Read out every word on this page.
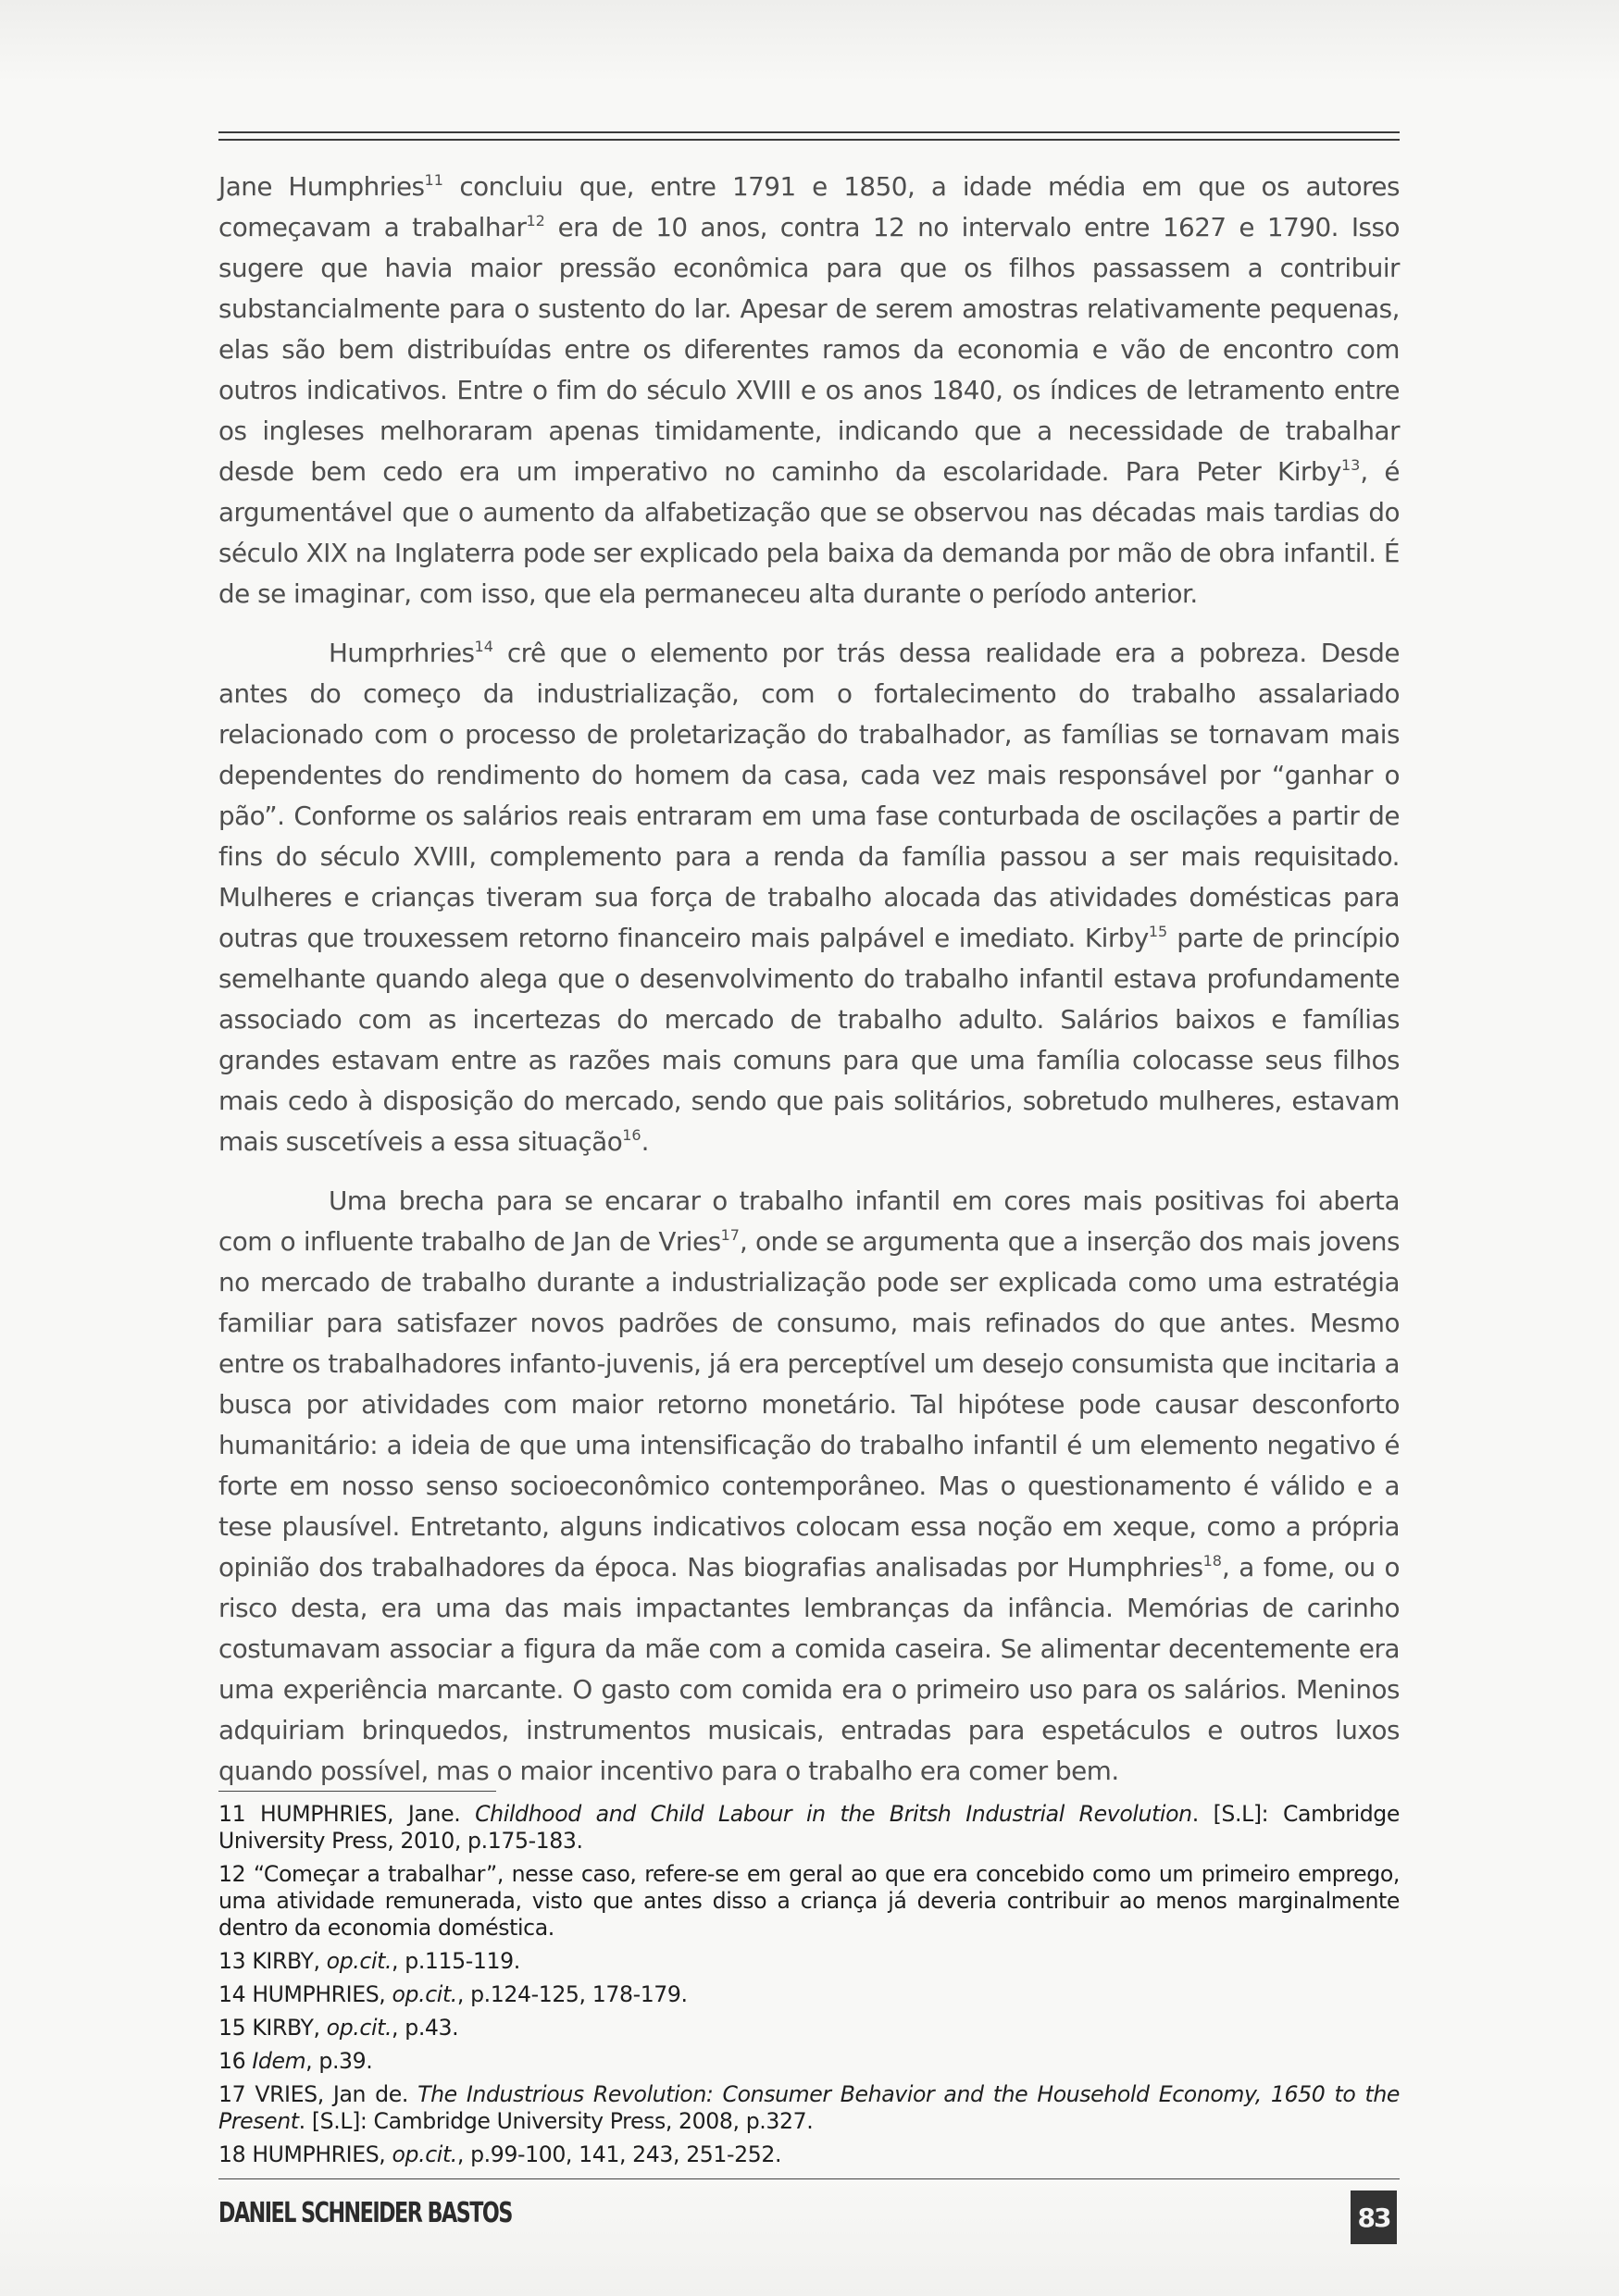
Jane Humphries$^{11}$ concluiu que, entre 1791 e 1850, a idade média em que os autores começavam a trabalhar$^{12}$ era de 10 anos, contra 12 no intervalo entre 1627 e 1790. Isso sugere que havia maior pressão econômica para que os filhos passassem a contribuir substancialmente para o sustento do lar. Apesar de serem amostras relativamente pequenas, elas são bem distribuídas entre os diferentes ramos da economia e vão de encontro com outros indicativos. Entre o fim do século XVIII e os anos 1840, os índices de letramento entre os ingleses melhoraram apenas timidamente, indicando que a necessidade de trabalhar desde bem cedo era um imperativo no caminho da escolaridade. Para Peter Kirby$^{13}$, é argumentável que o aumento da alfabetização que se observou nas décadas mais tardias do século XIX na Inglaterra pode ser explicado pela baixa da demanda por mão de obra infantil. É de se imaginar, com isso, que ela permaneceu alta durante o período anterior.

Humprhries$^{14}$ crê que o elemento por trás dessa realidade era a pobreza. Desde antes do começo da industrialização, com o fortalecimento do trabalho assalariado relacionado com o processo de proletarização do trabalhador, as famílias se tornavam mais dependentes do rendimento do homem da casa, cada vez mais responsável por “ganhar o pão”. Conforme os salários reais entraram em uma fase conturbada de oscilações a partir de fins do século XVIII, complemento para a renda da família passou a ser mais requisitado. Mulheres e crianças tiveram sua força de trabalho alocada das atividades domésticas para outras que trouxessem retorno financeiro mais palpável e imediato. Kirby$^{15}$ parte de princípio semelhante quando alega que o desenvolvimento do trabalho infantil estava profundamente associado com as incertezas do mercado de trabalho adulto. Salários baixos e famílias grandes estavam entre as razões mais comuns para que uma família colocasse seus filhos mais cedo à disposição do mercado, sendo que pais solitários, sobretudo mulheres, estavam mais suscetíveis a essa situação$^{16}$.

Uma brecha para se encarar o trabalho infantil em cores mais positivas foi aberta com o influente trabalho de Jan de Vries$^{17}$, onde se argumenta que a inserção dos mais jovens no mercado de trabalho durante a industrialização pode ser explicada como uma estratégia familiar para satisfazer novos padrões de consumo, mais refinados do que antes. Mesmo entre os trabalhadores infanto-juvenis, já era perceptível um desejo consumista que incitaria a busca por atividades com maior retorno monetário. Tal hipótese pode causar desconforto humanitário: a ideia de que uma intensificação do trabalho infantil é um elemento negativo é forte em nosso senso socioeconômico contemporâneo. Mas o questionamento é válido e a tese plausível. Entretanto, alguns indicativos colocam essa noção em xeque, como a própria opinião dos trabalhadores da época. Nas biografias analisadas por Humphries$^{18}$, a fome, ou o risco desta, era uma das mais impactantes lembranças da infância. Memórias de carinho costumavam associar a figura da mãe com a comida caseira. Se alimentar decentemente era uma experiência marcante. O gasto com comida era o primeiro uso para os salários. Meninos adquiriam brinquedos, instrumentos musicais, entradas para espetáculos e outros luxos quando possível, mas o maior incentivo para o trabalho era comer bem.

11 HUMPHRIES, Jane. Childhood and Child Labour in the Britsh Industrial Revolution. [S.L]: Cambridge University Press, 2010, p.175-183.
12 “Começar a trabalhar”, nesse caso, refere-se em geral ao que era concebido como um primeiro emprego, uma atividade remunerada, visto que antes disso a criança já deveria contribuir ao menos marginalmente dentro da economia doméstica.
13 KIRBY, op.cit., p.115-119.
14 HUMPHRIES, op.cit., p.124-125, 178-179.
15 KIRBY, op.cit., p.43.
16 Idem, p.39.
17 VRIES, Jan de. The Industrious Revolution: Consumer Behavior and the Household Economy, 1650 to the Present. [S.L]: Cambridge University Press, 2008, p.327.
18 HUMPHRIES, op.cit., p.99-100, 141, 243, 251-252.
DANIEL SCHNEIDER BASTOS	83
